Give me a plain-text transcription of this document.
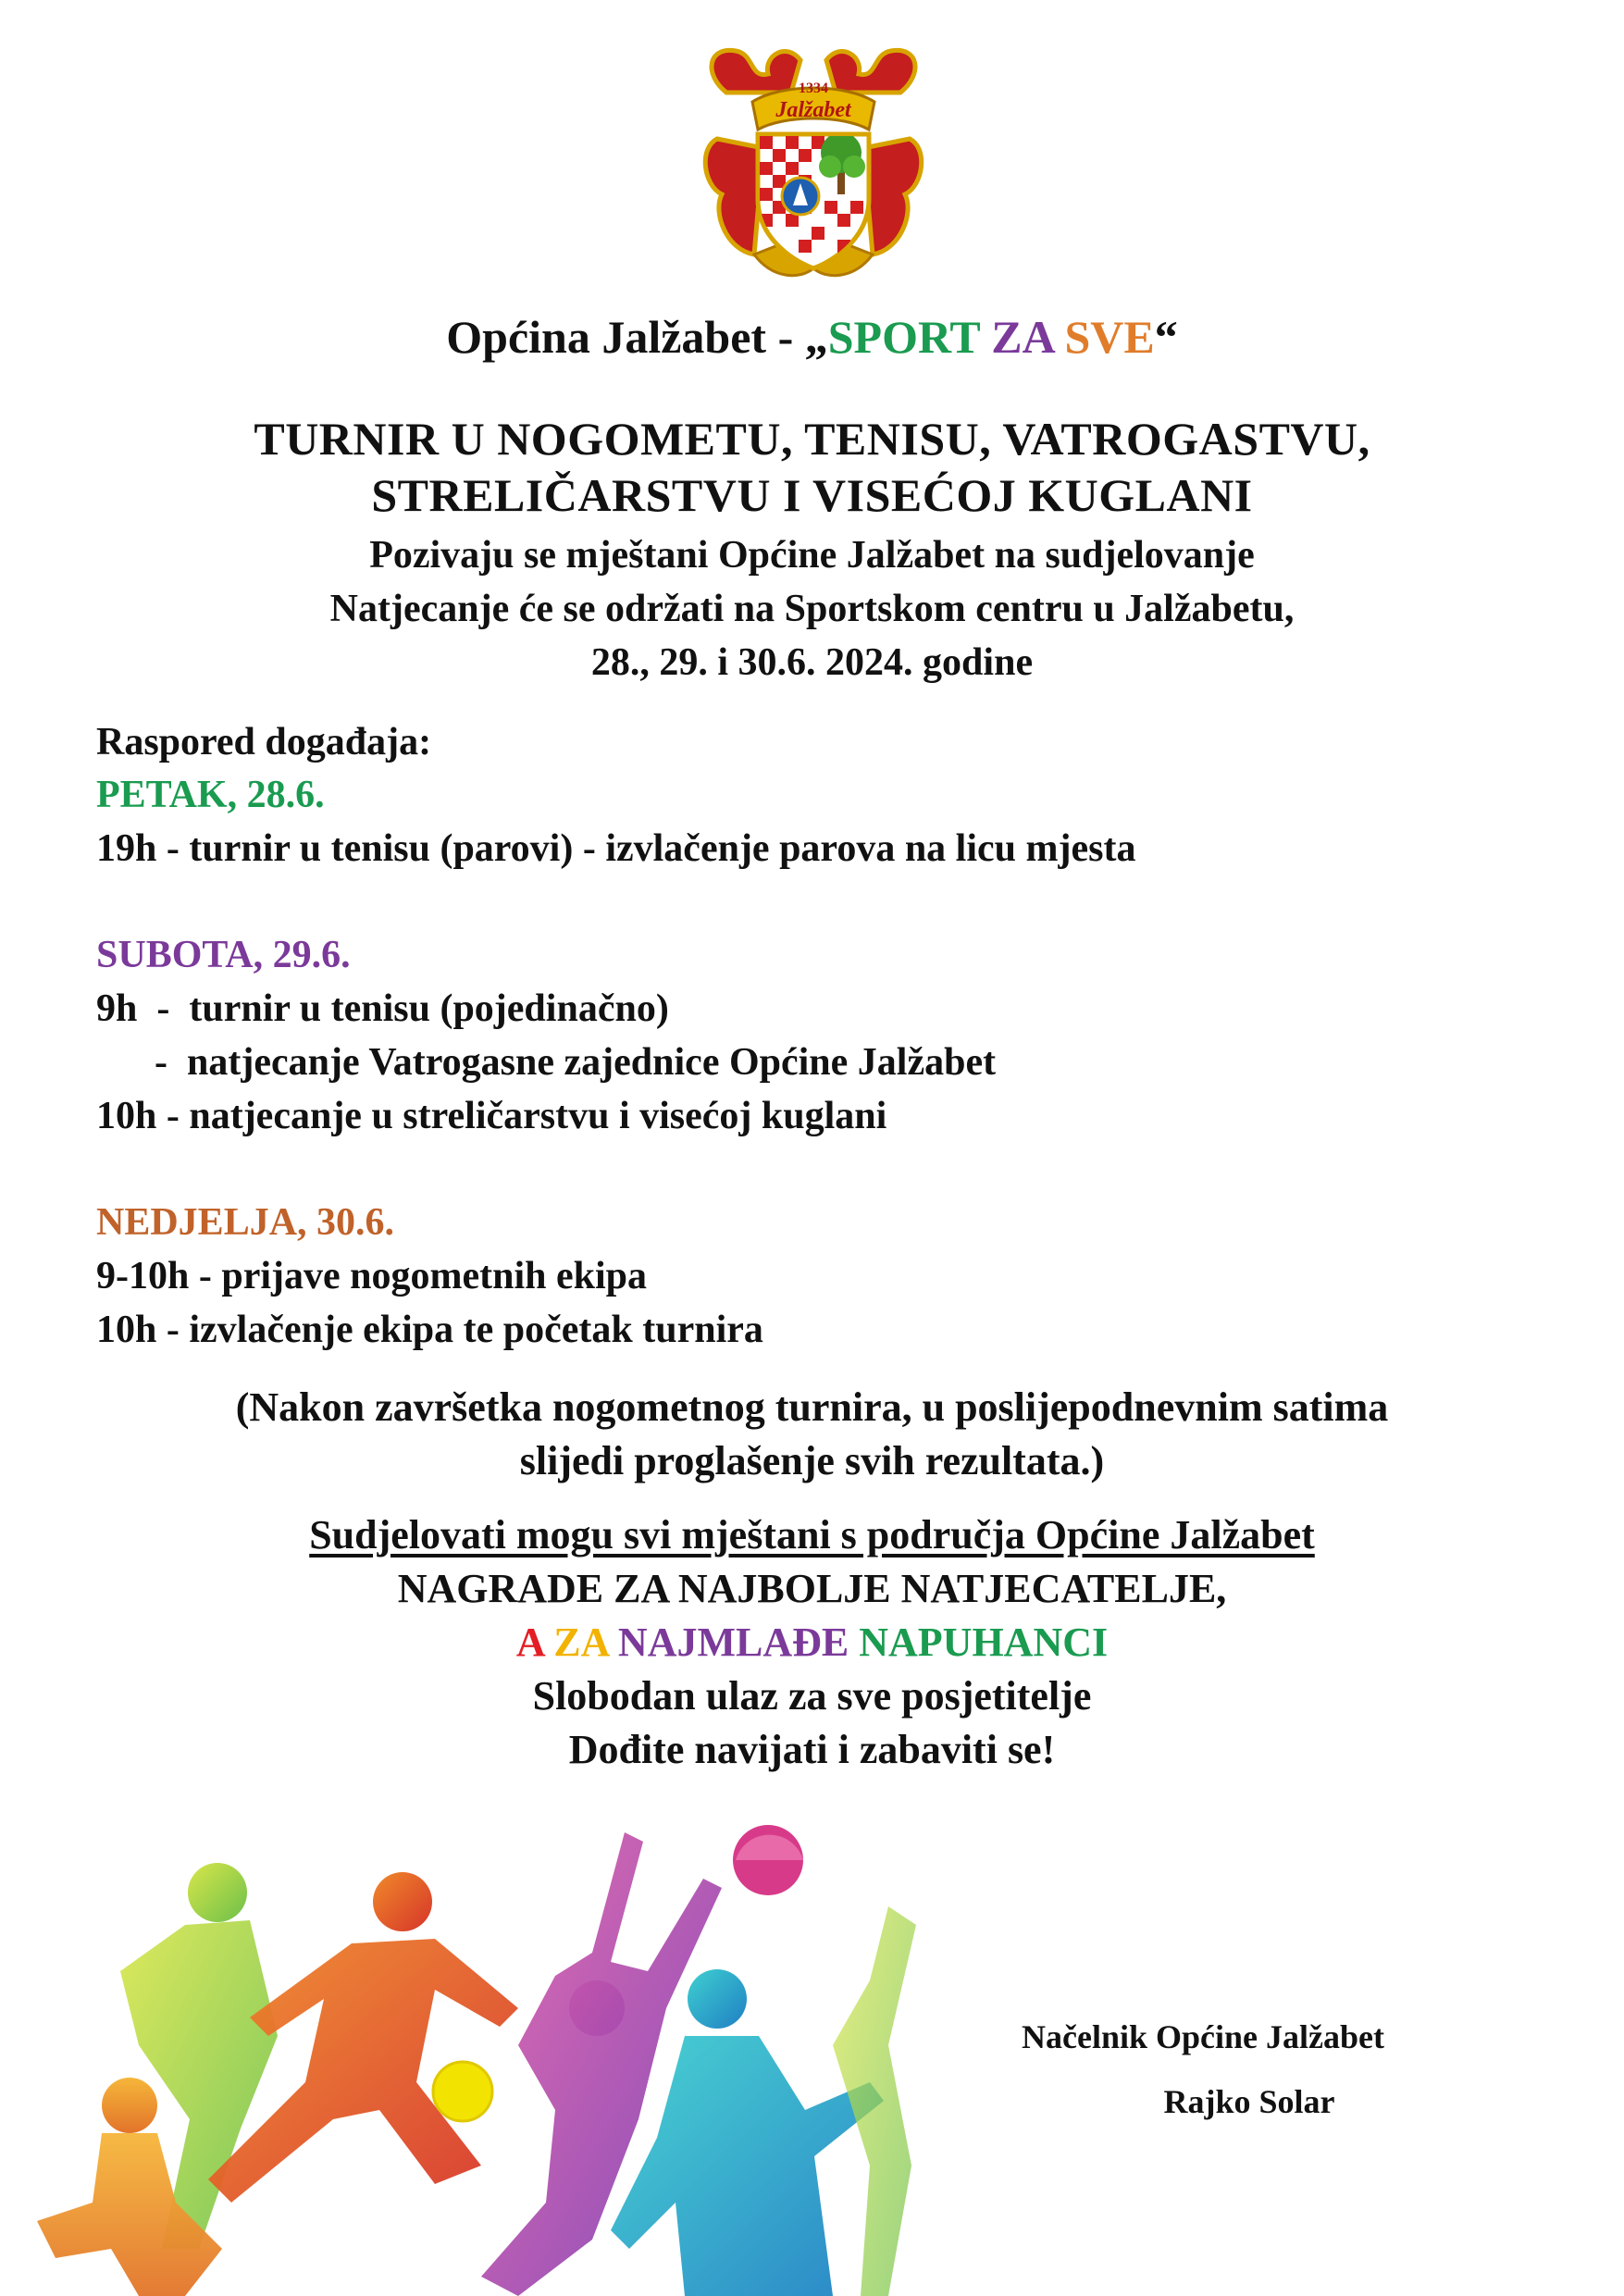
Jalžabet
1334
Općina Jalžabet - „SPORT ZA SVE“
TURNIR U NOGOMETU, TENISU, VATROGASTVU,
STRELIČARSTVU I VISEĆOJ KUGLANI
Pozivaju se mještani Općine Jalžabet na sudjelovanje
Natjecanje će se održati na Sportskom centru u Jalžabetu,
28., 29. i 30.6. 2024. godine
Raspored događaja:
PETAK, 28.6.
19h - turnir u tenisu (parovi) - izvlačenje parova na licu mjesta
SUBOTA, 29.6.
9h  -  turnir u tenisu (pojedinačno)
-  natjecanje Vatrogasne zajednice Općine Jalžabet
10h - natjecanje u streličarstvu i visećoj kuglani
NEDJELJA, 30.6.
9-10h - prijave nogometnih ekipa
10h - izvlačenje ekipa te početak turnira
(Nakon završetka nogometnog turnira, u poslijepodnevnim satima
slijedi proglašenje svih rezultata.)
Sudjelovati mogu svi mještani s područja Općine Jalžabet
NAGRADE ZA NAJBOLJE NATJECATELJE,
A ZA NAJMLAĐE NAPUHANCI
Slobodan ulaz za sve posjetitelje
Dođite navijati i zabaviti se!
Načelnik Općine Jalžabet
Rajko Solar
